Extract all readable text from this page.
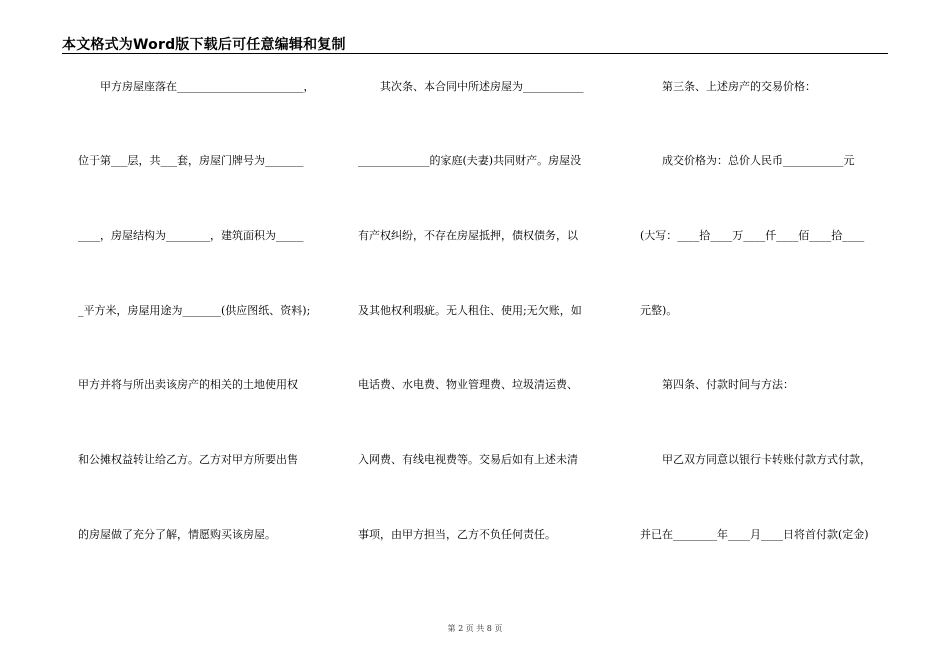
本文格式为Word版下载后可任意编辑和复制
　　甲方房屋座落在_______________________，
位于第___层，共___套，房屋门牌号为_______
____，房屋结构为________，建筑面积为_____
_平方米，房屋用途为_______(供应图纸、资料);
甲方并将与所出卖该房产的相关的土地使用权
和公摊权益转让给乙方。乙方对甲方所要出售
的房屋做了充分了解，情愿购买该房屋。
　　其次条、本合同中所述房屋为___________
_____________的家庭(夫妻)共同财产。房屋没
有产权纠纷，不存在房屋抵押，债权债务，以
及其他权利瑕疵。无人租住、使用;无欠账，如
电话费、水电费、物业管理费、垃圾清运费、
入网费、有线电视费等。交易后如有上述未清
事项，由甲方担当，乙方不负任何责任。
　　第三条、上述房产的交易价格：
　　成交价格为：总价人民币___________元
(大写：____拾____万____仟____佰____拾____
元整)。
　　第四条、付款时间与方法：
　　甲乙双方同意以银行卡转账付款方式付款，
并已在________年____月____日将首付款(定金)
第 2 页 共 8 页
